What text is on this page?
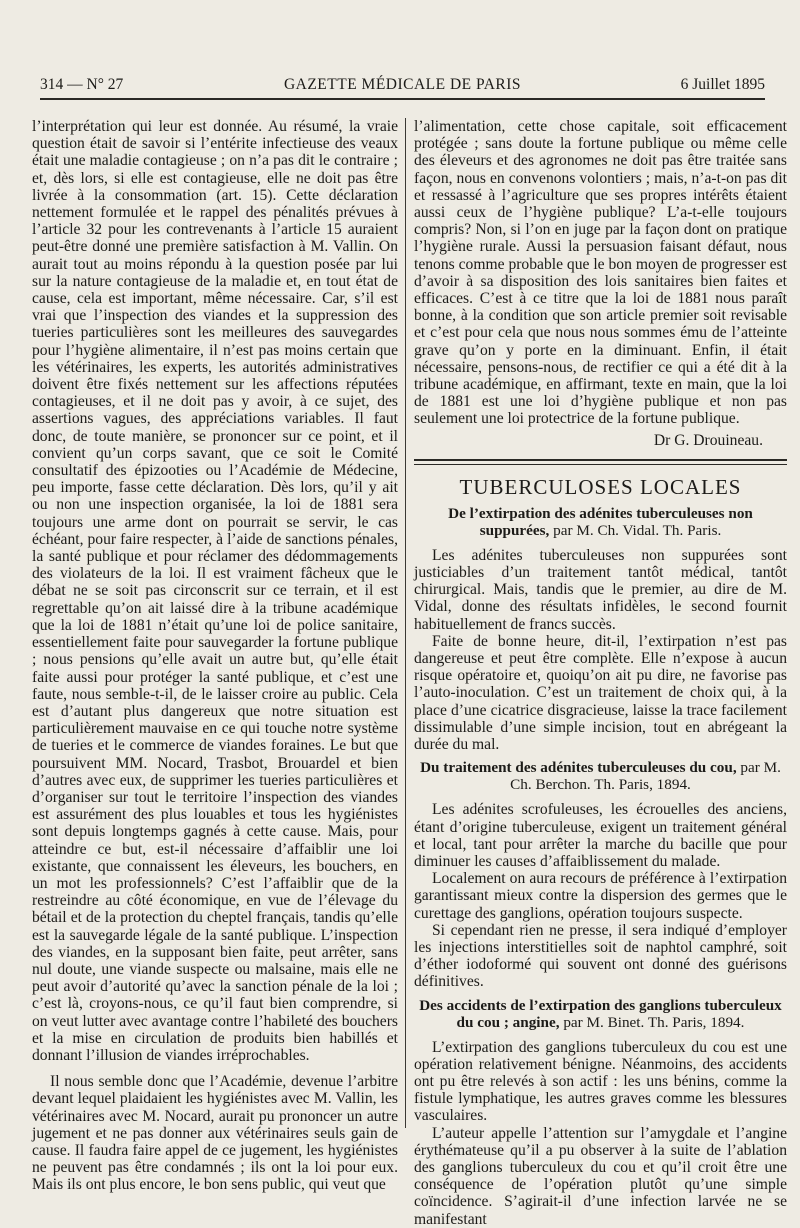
314 — N° 27	GAZETTE MÉDICALE DE PARIS	6 Juillet 1895

l’interprétation qui leur est donnée. Au résumé, la vraie question était de savoir si l’entérite infectieuse des veaux était une maladie contagieuse ; on n’a pas dit le contraire ; et, dès lors, si elle est contagieuse, elle ne doit pas être livrée à la consommation (art. 15). Cette déclaration nettement formulée et le rappel des pénalités prévues à l’article 32 pour les contrevenants à l’article 15 auraient peut-être donné une première satisfaction à M. Vallin. On aurait tout au moins répondu à la question posée par lui sur la nature contagieuse de la maladie et, en tout état de cause, cela est important, même nécessaire. Car, s’il est vrai que l’inspection des viandes et la suppression des tueries particulières sont les meilleures des sauvegardes pour l’hygiène alimentaire, il n’est pas moins certain que les vétérinaires, les experts, les autorités administratives doivent être fixés nettement sur les affections réputées contagieuses, et il ne doit pas y avoir, à ce sujet, des assertions vagues, des appréciations variables. Il faut donc, de toute manière, se prononcer sur ce point, et il convient qu’un corps savant, que ce soit le Comité consultatif des épizooties ou l’Académie de Médecine, peu importe, fasse cette déclaration. Dès lors, qu’il y ait ou non une inspection organisée, la loi de 1881 sera toujours une arme dont on pourrait se servir, le cas échéant, pour faire respecter, à l’aide de sanctions pénales, la santé publique et pour réclamer des dédommagements des violateurs de la loi. Il est vraiment fâcheux que le débat ne se soit pas circonscrit sur ce terrain, et il est regrettable qu’on ait laissé dire à la tribune académique que la loi de 1881 n’était qu’une loi de police sanitaire, essentiellement faite pour sauvegarder la fortune publique ; nous pensions qu’elle avait un autre but, qu’elle était faite aussi pour protéger la santé publique, et c’est une faute, nous semble-t-il, de le laisser croire au public. Cela est d’autant plus dangereux que notre situation est particulièrement mauvaise en ce qui touche notre système de tueries et le commerce de viandes foraines. Le but que poursuivent MM. Nocard, Trasbot, Brouardel et bien d’autres avec eux, de supprimer les tueries particulières et d’organiser sur tout le territoire l’inspection des viandes est assurément des plus louables et tous les hygiénistes sont depuis longtemps gagnés à cette cause. Mais, pour atteindre ce but, est-il nécessaire d’affaiblir une loi existante, que connaissent les éleveurs, les bouchers, en un mot les professionnels? C’est l’affaiblir que de la restreindre au côté économique, en vue de l’élevage du bétail et de la protection du cheptel français, tandis qu’elle est la sauvegarde légale de la santé publique. L’inspection des viandes, en la supposant bien faite, peut arrêter, sans nul doute, une viande suspecte ou malsaine, mais elle ne peut avoir d’autorité qu’avec la sanction pénale de la loi ; c’est là, croyons-nous, ce qu’il faut bien comprendre, si on veut lutter avec avantage contre l’habileté des bouchers et la mise en circulation de produits bien habillés et donnant l’illusion de viandes irréprochables.

Il nous semble donc que l’Académie, devenue l’arbitre devant lequel plaidaient les hygiénistes avec M. Vallin, les vétérinaires avec M. Nocard, aurait pu prononcer un autre jugement et ne pas donner aux vétérinaires seuls gain de cause. Il faudra faire appel de ce jugement, les hygiénistes ne peuvent pas être condamnés ; ils ont la loi pour eux. Mais ils ont plus encore, le bon sens public, qui veut que

l’alimentation, cette chose capitale, soit efficacement protégée ; sans doute la fortune publique ou même celle des éleveurs et des agronomes ne doit pas être traitée sans façon, nous en convenons volontiers ; mais, n’a-t-on pas dit et ressassé à l’agriculture que ses propres intérêts étaient aussi ceux de l’hygiène publique? L’a-t-elle toujours compris? Non, si l’on en juge par la façon dont on pratique l’hygiène rurale. Aussi la persuasion faisant défaut, nous tenons comme probable que le bon moyen de progresser est d’avoir à sa disposition des lois sanitaires bien faites et efficaces. C’est à ce titre que la loi de 1881 nous paraît bonne, à la condition que son article premier soit revisable et c’est pour cela que nous nous sommes ému de l’atteinte grave qu’on y porte en la diminuant. Enfin, il était nécessaire, pensons-nous, de rectifier ce qui a été dit à la tribune académique, en affirmant, texte en main, que la loi de 1881 est une loi d’hygiène publique et non pas seulement une loi protectrice de la fortune publique.

Dr G. Drouineau.

TUBERCULOSES LOCALES
De l’extirpation des adénites tuberculeuses non suppurées, par M. Ch. Vidal. Th. Paris.

Les adénites tuberculeuses non suppurées sont justiciables d’un traitement tantôt médical, tantôt chirurgical. Mais, tandis que le premier, au dire de M. Vidal, donne des résultats infidèles, le second fournit habituellement de francs succès.

Faite de bonne heure, dit-il, l’extirpation n’est pas dangereuse et peut être complète. Elle n’expose à aucun risque opératoire et, quoiqu’on ait pu dire, ne favorise pas l’auto-inoculation. C’est un traitement de choix qui, à la place d’une cicatrice disgracieuse, laisse la trace facilement dissimulable d’une simple incision, tout en abrégeant la durée du mal.

Du traitement des adénites tuberculeuses du cou, par M. Ch. Berchon. Th. Paris, 1894.

Les adénites scrofuleuses, les écrouelles des anciens, étant d’origine tuberculeuse, exigent un traitement général et local, tant pour arrêter la marche du bacille que pour diminuer les causes d’affaiblissement du malade.

Localement on aura recours de préférence à l’extirpation garantissant mieux contre la dispersion des germes que le curettage des ganglions, opération toujours suspecte.

Si cependant rien ne presse, il sera indiqué d’employer les injections interstitielles soit de naphtol camphré, soit d’éther iodoformé qui souvent ont donné des guérisons définitives.

Des accidents de l’extirpation des ganglions tuberculeux du cou ; angine, par M. Binet. Th. Paris, 1894.

L’extirpation des ganglions tuberculeux du cou est une opération relativement bénigne. Néanmoins, des accidents ont pu être relevés à son actif : les uns bénins, comme la fistule lymphatique, les autres graves comme les blessures vasculaires.

L’auteur appelle l’attention sur l’amygdale et l’angine érythémateuse qu’il a pu observer à la suite de l’ablation des ganglions tuberculeux du cou et qu’il croit être une conséquence de l’opération plutôt qu’une simple coïncidence. S’agirait-il d’une infection larvée ne se manifestant
